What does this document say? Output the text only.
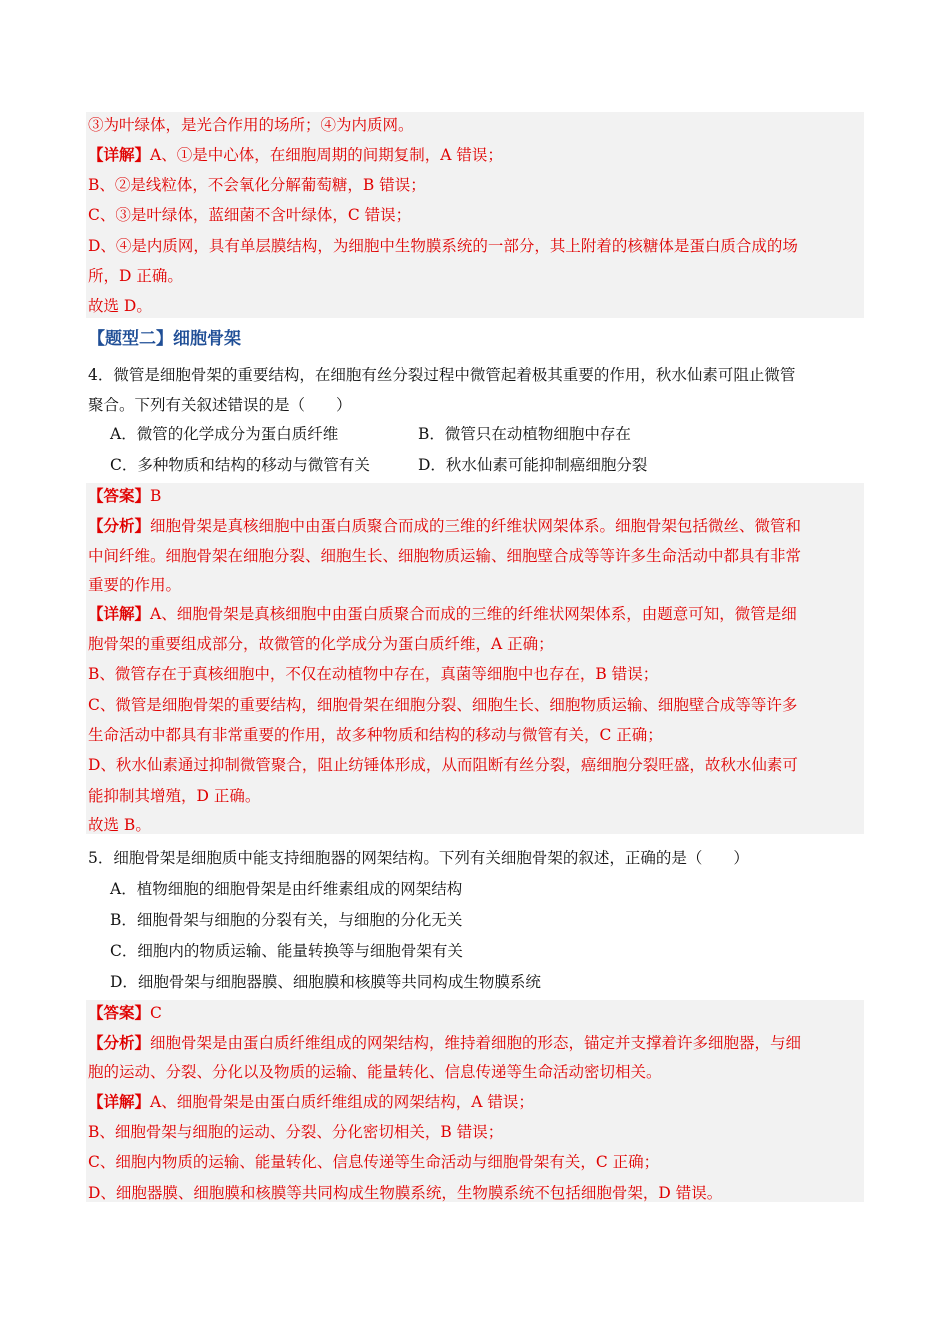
③为叶绿体，是光合作用的场所；④为内质网。
【详解】A、①是中心体，在细胞周期的间期复制，A 错误；
B、②是线粒体，不会氧化分解葡萄糖，B 错误；
C、③是叶绿体，蓝细菌不含叶绿体，C 错误；
D、④是内质网，具有单层膜结构，为细胞中生物膜系统的一部分，其上附着的核糖体是蛋白质合成的场
所，D 正确。
故选 D。
【题型二】细胞骨架
4．微管是细胞骨架的重要结构，在细胞有丝分裂过程中微管起着极其重要的作用，秋水仙素可阻止微管
聚合。下列有关叙述错误的是（　　）
A．微管的化学成分为蛋白质纤维	B．微管只在动植物细胞中存在
C．多种物质和结构的移动与微管有关	D．秋水仙素可能抑制癌细胞分裂
【答案】B
【分析】细胞骨架是真核细胞中由蛋白质聚合而成的三维的纤维状网架体系。细胞骨架包括微丝、微管和
中间纤维。细胞骨架在细胞分裂、细胞生长、细胞物质运输、细胞壁合成等等许多生命活动中都具有非常
重要的作用。
【详解】A、细胞骨架是真核细胞中由蛋白质聚合而成的三维的纤维状网架体系，由题意可知，微管是细
胞骨架的重要组成部分，故微管的化学成分为蛋白质纤维，A 正确；
B、微管存在于真核细胞中，不仅在动植物中存在，真菌等细胞中也存在，B 错误；
C、微管是细胞骨架的重要结构，细胞骨架在细胞分裂、细胞生长、细胞物质运输、细胞壁合成等等许多
生命活动中都具有非常重要的作用，故多种物质和结构的移动与微管有关，C 正确；
D、秋水仙素通过抑制微管聚合，阻止纺锤体形成，从而阻断有丝分裂，癌细胞分裂旺盛，故秋水仙素可
能抑制其增殖，D 正确。
故选 B。
5．细胞骨架是细胞质中能支持细胞器的网架结构。下列有关细胞骨架的叙述，正确的是（　　）
A．植物细胞的细胞骨架是由纤维素组成的网架结构
B．细胞骨架与细胞的分裂有关，与细胞的分化无关
C．细胞内的物质运输、能量转换等与细胞骨架有关
D．细胞骨架与细胞器膜、细胞膜和核膜等共同构成生物膜系统
【答案】C
【分析】细胞骨架是由蛋白质纤维组成的网架结构，维持着细胞的形态，锚定并支撑着许多细胞器，与细
胞的运动、分裂、分化以及物质的运输、能量转化、信息传递等生命活动密切相关。
【详解】A、细胞骨架是由蛋白质纤维组成的网架结构，A 错误；
B、细胞骨架与细胞的运动、分裂、分化密切相关，B 错误；
C、细胞内物质的运输、能量转化、信息传递等生命活动与细胞骨架有关，C 正确；
D、细胞器膜、细胞膜和核膜等共同构成生物膜系统，生物膜系统不包括细胞骨架，D 错误。
